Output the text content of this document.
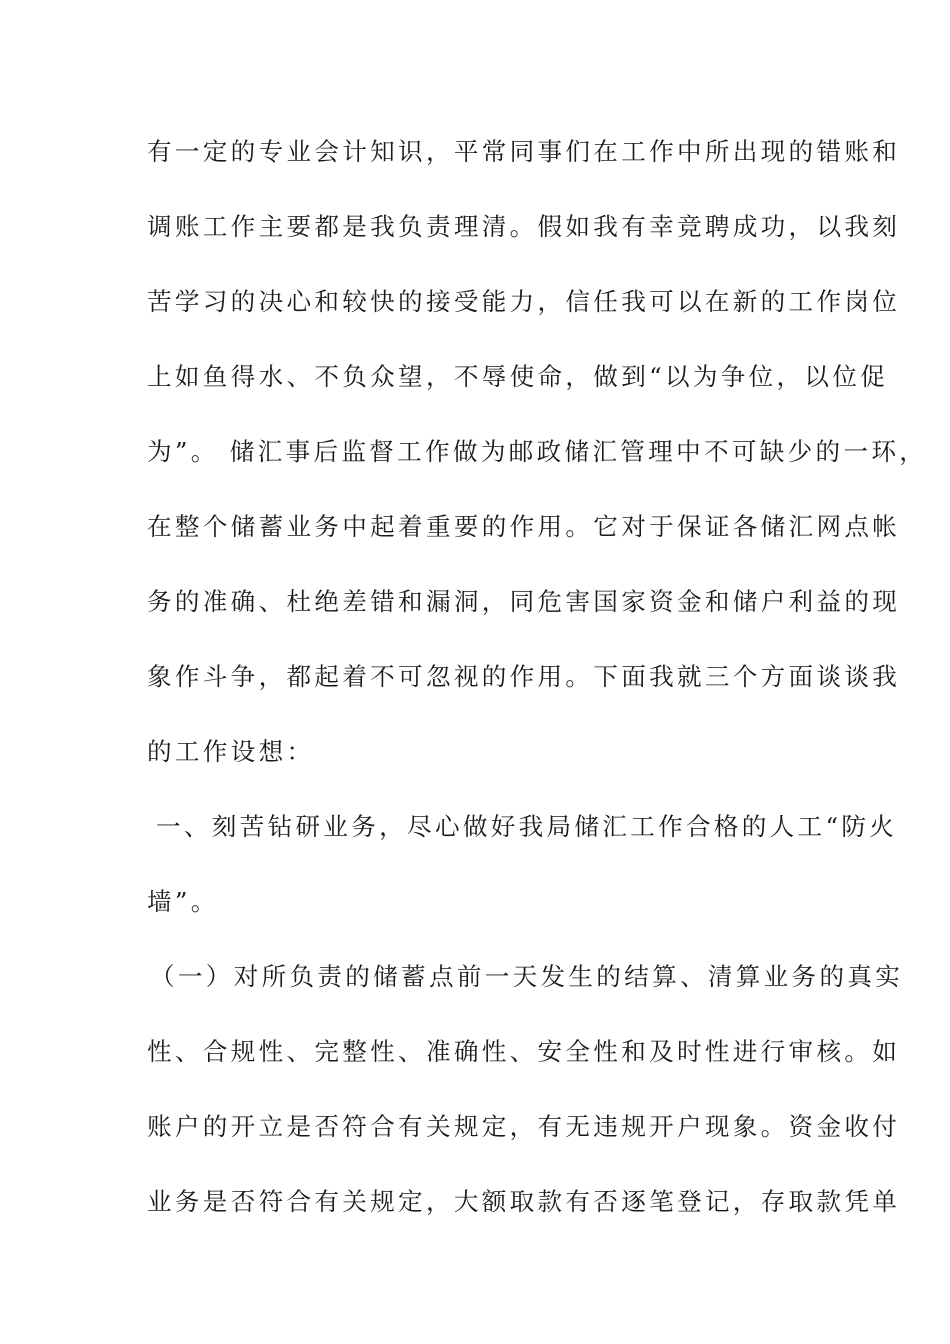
有一定的专业会计知识，平常同事们在工作中所出现的错账和
调账工作主要都是我负责理清。假如我有幸竞聘成功，以我刻
苦学习的决心和较快的接受能力，信任我可以在新的工作岗位
上如鱼得水、不负众望，不辱使命，做到“以为争位，以位促
为”。 储汇事后监督工作做为邮政储汇管理中不可缺少的一环，
在整个储蓄业务中起着重要的作用。它对于保证各储汇网点帐
务的准确、杜绝差错和漏洞，同危害国家资金和储户利益的现
象作斗争，都起着不可忽视的作用。下面我就三个方面谈谈我
的工作设想：
一、刻苦钻研业务，尽心做好我局储汇工作合格的人工“防火
墙”。
（一）对所负责的储蓄点前一天发生的结算、清算业务的真实
性、合规性、完整性、准确性、安全性和及时性进行审核。如
账户的开立是否符合有关规定，有无违规开户现象。资金收付
业务是否符合有关规定，大额取款有否逐笔登记，存取款凭单
